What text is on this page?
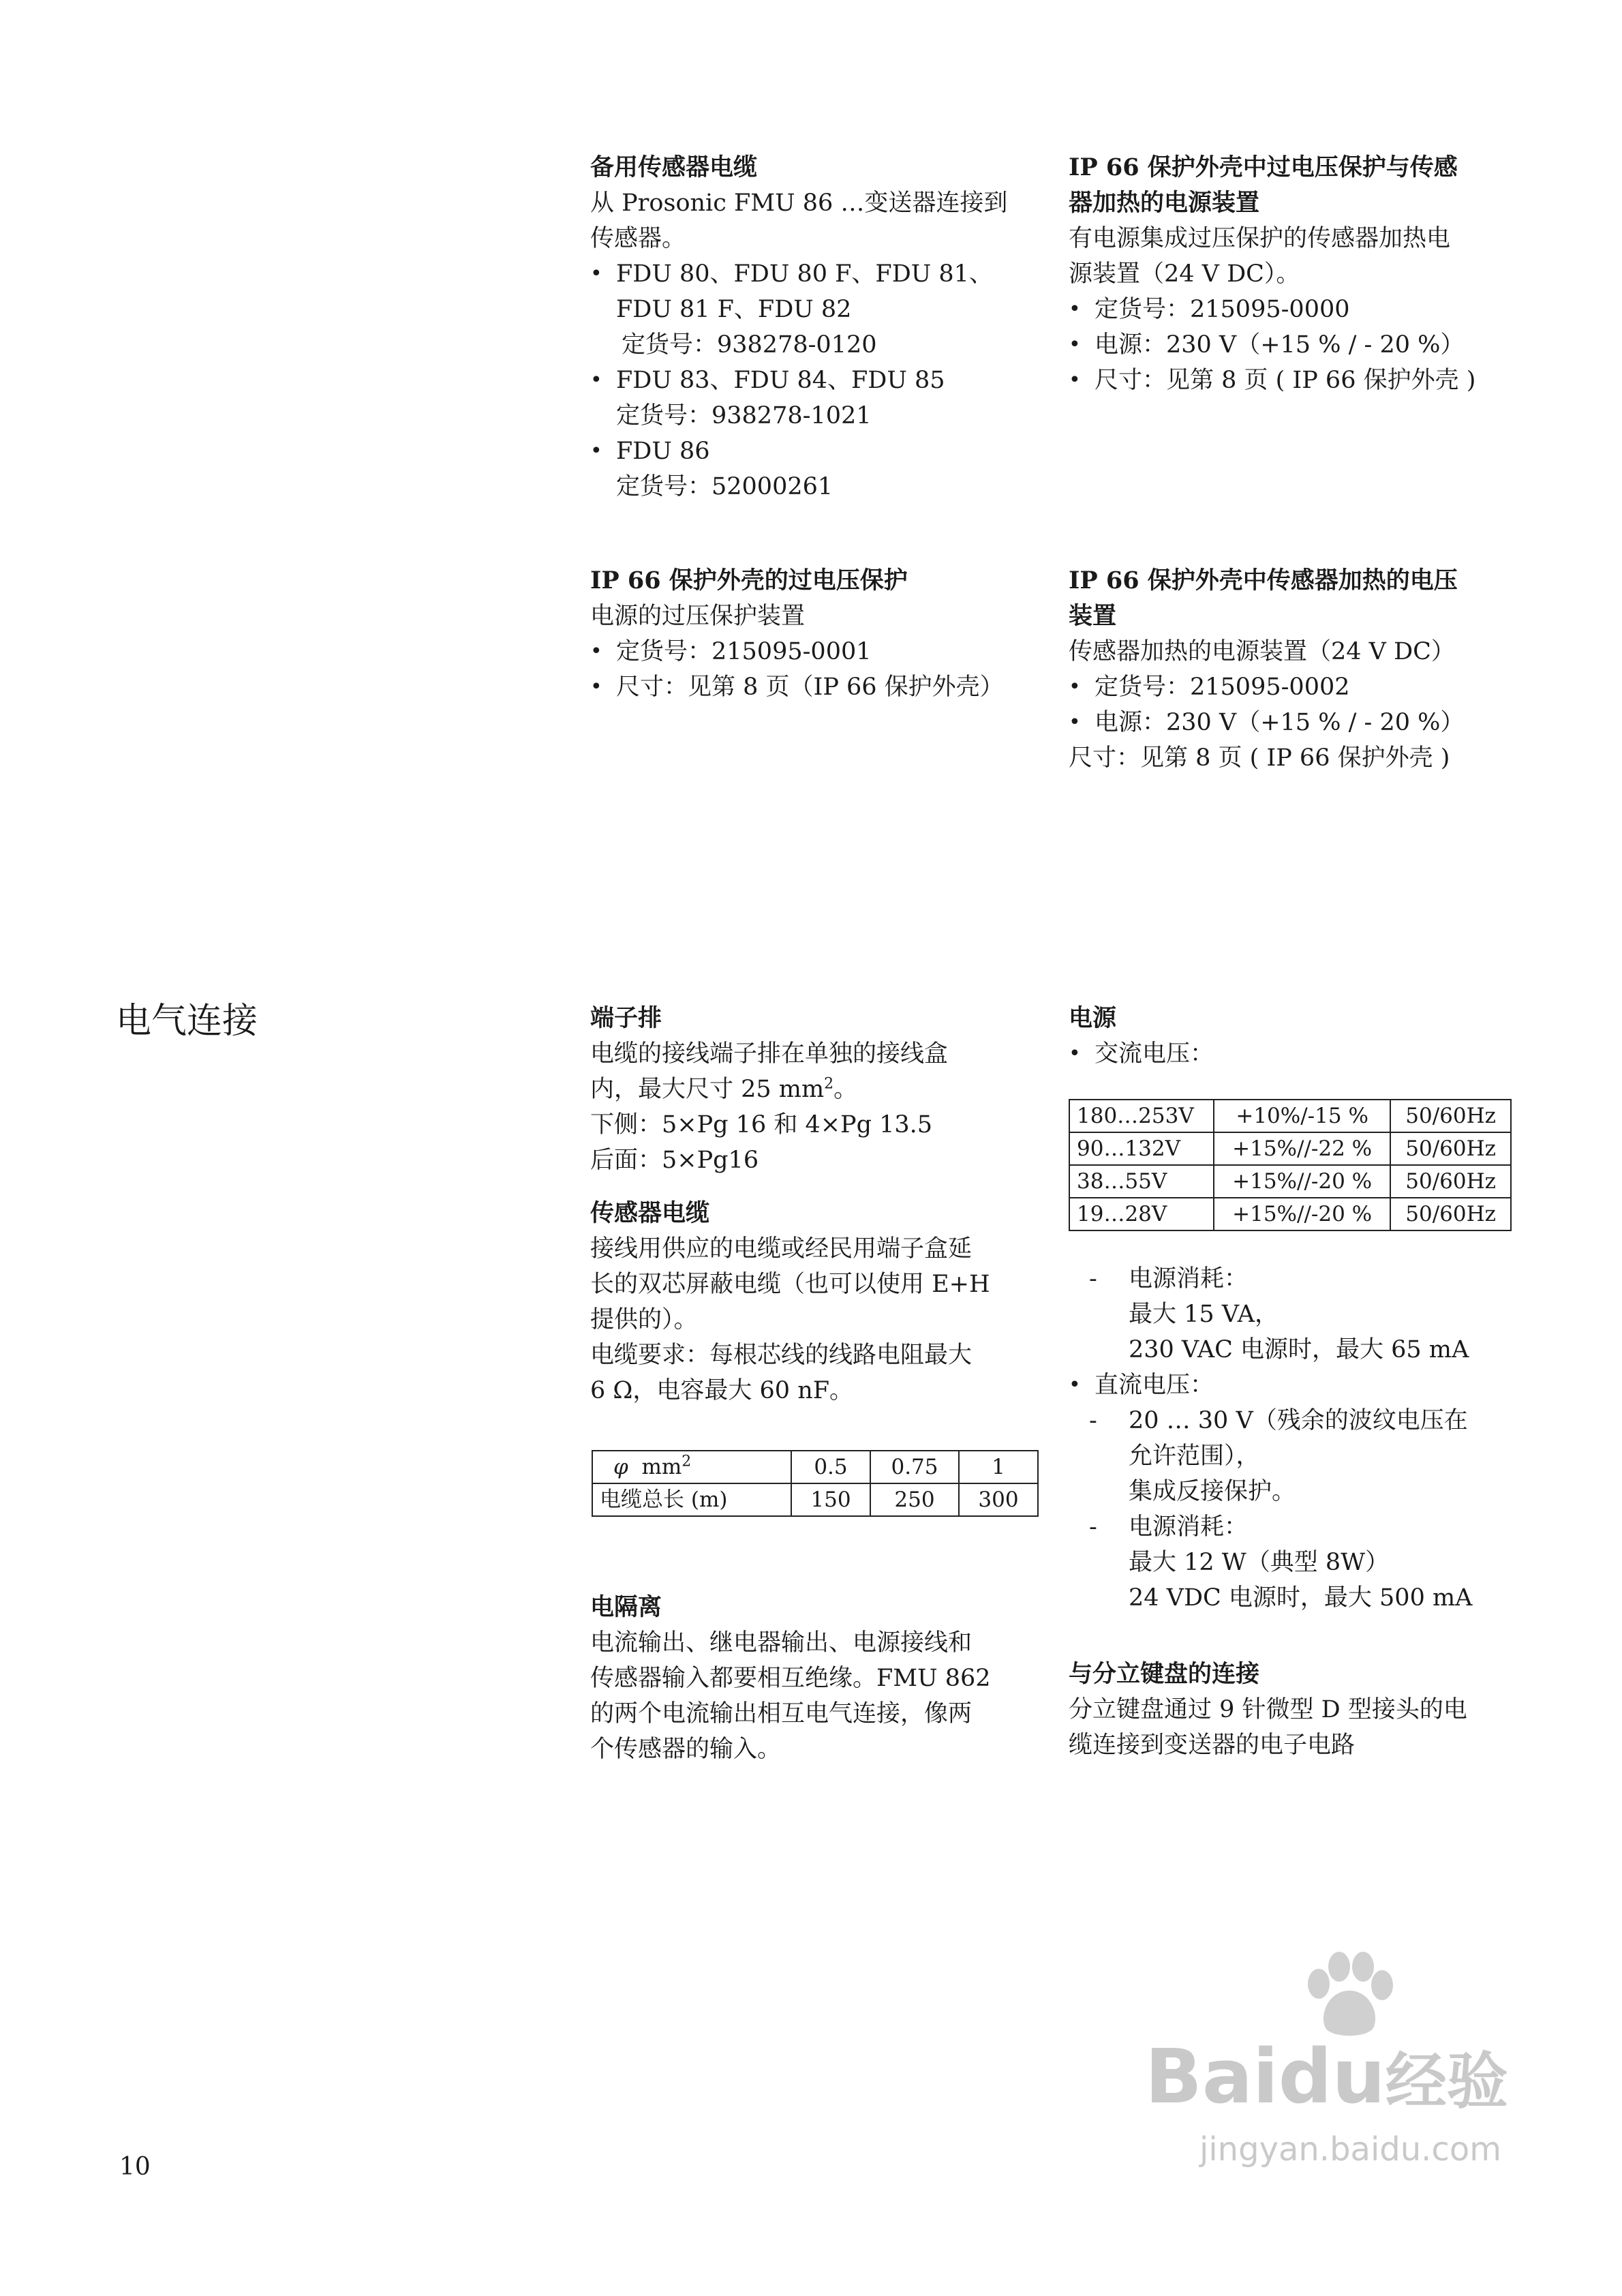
备用传感器电缆

从 Prosonic FMU 86 …变送器连接到

传感器。

• FDU 80、FDU 80 F、FDU 81、
FDU 81 F、FDU 82
定货号：938278-0120
• FDU 83、FDU 84、FDU 85
定货号：938278-1021
• FDU 86
定货号：52000261

IP 66 保护外壳中过电压保护与传感

器加热的电源装置

有电源集成过压保护的传感器加热电

源装置（24 V DC）。

• 定货号：215095-0000
• 电源：230 V（+15 % / - 20 %）
• 尺寸：见第 8 页 ( IP 66 保护外壳 )

IP 66 保护外壳的过电压保护

电源的过压保护装置

• 定货号：215095-0001
• 尺寸：见第 8 页（IP 66 保护外壳）

IP 66 保护外壳中传感器加热的电压

装置

传感器加热的电源装置（24 V DC）

• 定货号：215095-0002
• 电源：230 V（+15 % / - 20 %）

尺寸：见第 8 页 ( IP 66 保护外壳 )

电气连接	端子排

电缆的接线端子排在单独的接线盒

内，最大尺寸 25 $mm^2$。

下侧：5×Pg 16 和 4×Pg 13.5

后面：5×Pg16

传感器电缆

接线用供应的电缆或经民用端子盒延

长的双芯屏蔽电缆（也可以使用 E+H

提供的）。

电缆要求：每根芯线的线路电阻最大

6 Ω，电容最大 60 nF。

φ $mm^2$	0.5	0.75	1
电缆总长 (m)	150	250	300

电隔离

电流输出、继电器输出、电源接线和

传感器输入都要相互绝缘。FMU 862

的两个电流输出相互电气连接，像两

个传感器的输入。

电源

• 交流电压：
180…253V	+10%/-15 %	50/60Hz
90…132V	+15%//-22 %	50/60Hz
38…55V	+15%//-20 %	50/60Hz
19…28V	+15%//-20 %	50/60Hz
- 电源消耗：
最大 15 VA，
230 VAC 电源时，最大 65 mA
• 直流电压：
- 20 … 30 V（残余的波纹电压在
允许范围），
集成反接保护。
- 电源消耗：
最大 12 W（典型 8W）
24 VDC 电源时，最大 500 mA

与分立键盘的连接

分立键盘通过 9 针微型 D 型接头的电

缆连接到变送器的电子电路

10
Baidu经验
jingyan.baidu.com
